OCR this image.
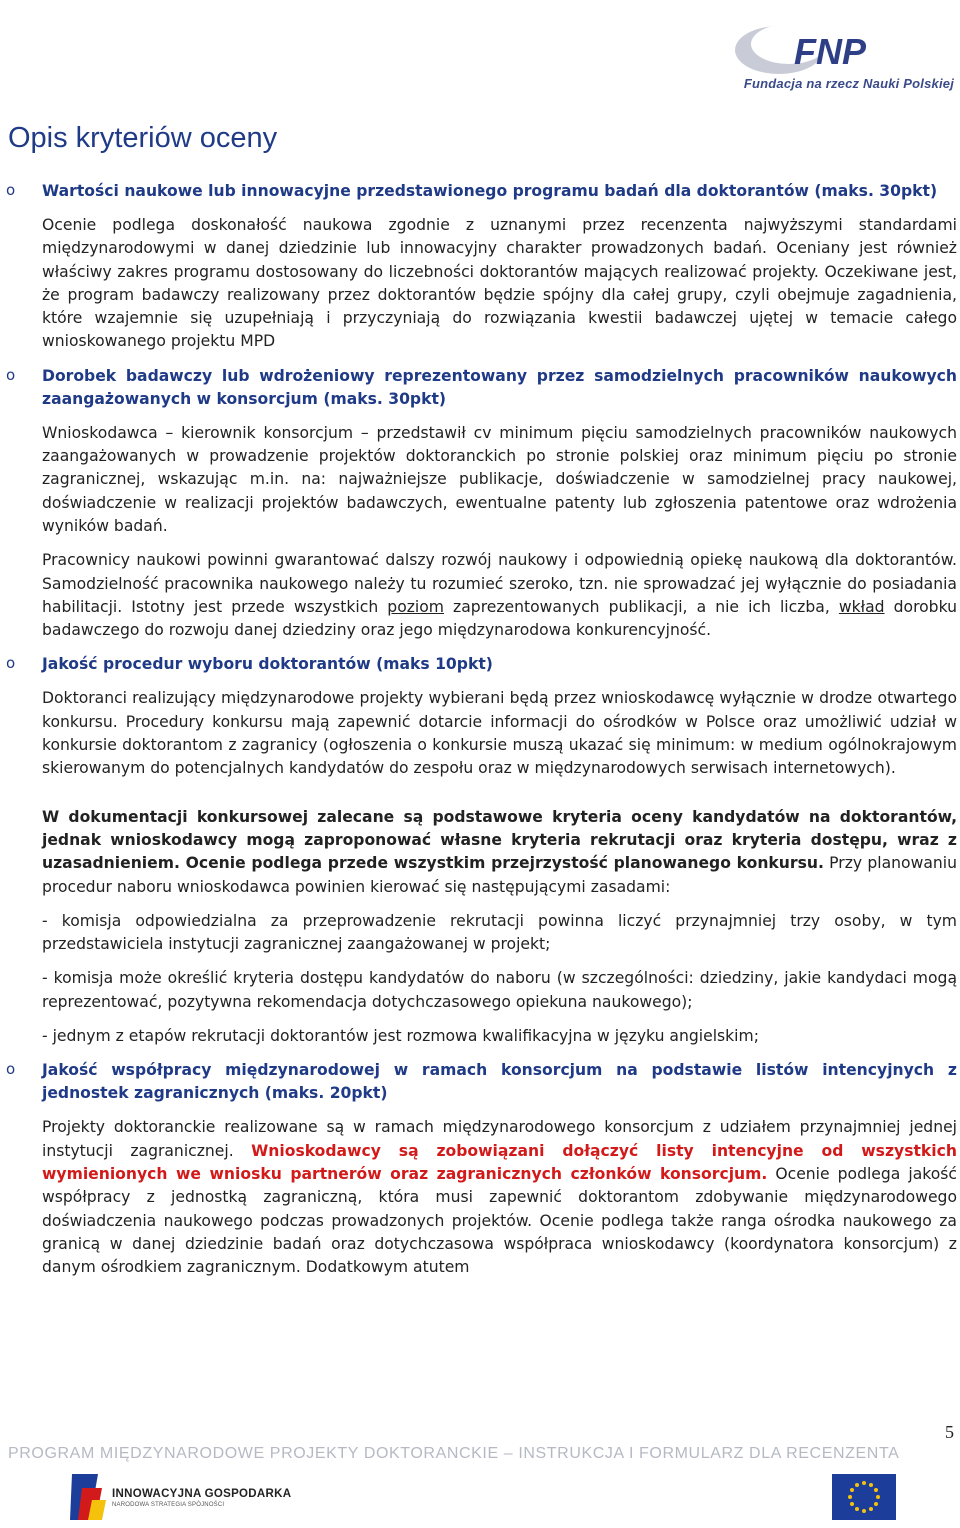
FNP
Fundacja na rzecz Nauki Polskiej
Opis kryteriów oceny
o Wartości naukowe lub innowacyjne przedstawionego programu badań dla doktorantów (maks. 30pkt)

Ocenie podlega doskonałość naukowa zgodnie z uznanymi przez recenzenta najwyższymi standardami międzynarodowymi w danej dziedzinie lub innowacyjny charakter prowadzonych badań. Oceniany jest również właściwy zakres programu dostosowany do liczebności doktorantów mających realizować projekty. Oczekiwane jest, że program badawczy realizowany przez doktorantów będzie spójny dla całej grupy, czyli obejmuje zagadnienia, które wzajemnie się uzupełniają i przyczyniają do rozwiązania kwestii badawczej ujętej w temacie całego wnioskowanego projektu MPD

o Dorobek badawczy lub wdrożeniowy reprezentowany przez samodzielnych pracowników naukowych zaangażowanych w konsorcjum (maks. 30pkt)

Wnioskodawca – kierownik konsorcjum – przedstawił cv minimum pięciu samodzielnych pracowników naukowych zaangażowanych w prowadzenie projektów doktoranckich po stronie polskiej oraz minimum pięciu po stronie zagranicznej, wskazując m.in. na: najważniejsze publikacje, doświadczenie w samodzielnej pracy naukowej, doświadczenie w realizacji projektów badawczych, ewentualne patenty lub zgłoszenia patentowe oraz wdrożenia wyników badań.

Pracownicy naukowi powinni gwarantować dalszy rozwój naukowy i odpowiednią opiekę naukową dla doktorantów. Samodzielność pracownika naukowego należy tu rozumieć szeroko, tzn. nie sprowadzać jej wyłącznie do posiadania habilitacji. Istotny jest przede wszystkich poziom zaprezentowanych publikacji, a nie ich liczba, wkład dorobku badawczego do rozwoju danej dziedziny oraz jego międzynarodowa konkurencyjność.

o Jakość procedur wyboru doktorantów (maks 10pkt)

Doktoranci realizujący międzynarodowe projekty wybierani będą przez wnioskodawcę wyłącznie w drodze otwartego konkursu. Procedury konkursu mają zapewnić dotarcie informacji do ośrodków w Polsce oraz umożliwić udział w konkursie doktorantom z zagranicy (ogłoszenia o konkursie muszą ukazać się minimum: w medium ogólnokrajowym skierowanym do potencjalnych kandydatów do zespołu oraz w międzynarodowych serwisach internetowych).

W dokumentacji konkursowej zalecane są podstawowe kryteria oceny kandydatów na doktorantów, jednak wnioskodawcy mogą zaproponować własne kryteria rekrutacji oraz kryteria dostępu, wraz z uzasadnieniem. Ocenie podlega przede wszystkim przejrzystość planowanego konkursu. Przy planowaniu procedur naboru wnioskodawca powinien kierować się następującymi zasadami:

- komisja odpowiedzialna za przeprowadzenie rekrutacji powinna liczyć przynajmniej trzy osoby, w tym przedstawiciela instytucji zagranicznej zaangażowanej w projekt;

- komisja może określić kryteria dostępu kandydatów do naboru (w szczególności: dziedziny, jakie kandydaci mogą reprezentować, pozytywna rekomendacja dotychczasowego opiekuna naukowego);

- jednym z etapów rekrutacji doktorantów jest rozmowa kwalifikacyjna w języku angielskim;

o Jakość współpracy międzynarodowej w ramach konsorcjum na podstawie listów intencyjnych z jednostek zagranicznych (maks. 20pkt)

Projekty doktoranckie realizowane są w ramach międzynarodowego konsorcjum z udziałem przynajmniej jednej instytucji zagranicznej. Wnioskodawcy są zobowiązani dołączyć listy intencyjne od wszystkich wymienionych we wniosku partnerów oraz zagranicznych członków konsorcjum. Ocenie podlega jakość współpracy z jednostką zagraniczną, która musi zapewnić doktorantom zdobywanie międzynarodowego doświadczenia naukowego podczas prowadzonych projektów. Ocenie podlega także ranga ośrodka naukowego za granicą w danej dziedzinie badań oraz dotychczasowa współpraca wnioskodawcy (koordynatora konsorcjum) z danym ośrodkiem zagranicznym. Dodatkowym atutem

5
PROGRAM MIĘDZYNARODOWE PROJEKTY DOKTORANCKIE – INSTRUKCJA I FORMULARZ DLA RECENZENTA
INNOWACYJNA GOSPODARKA
NARODOWA STRATEGIA SPÓJNOŚCI
